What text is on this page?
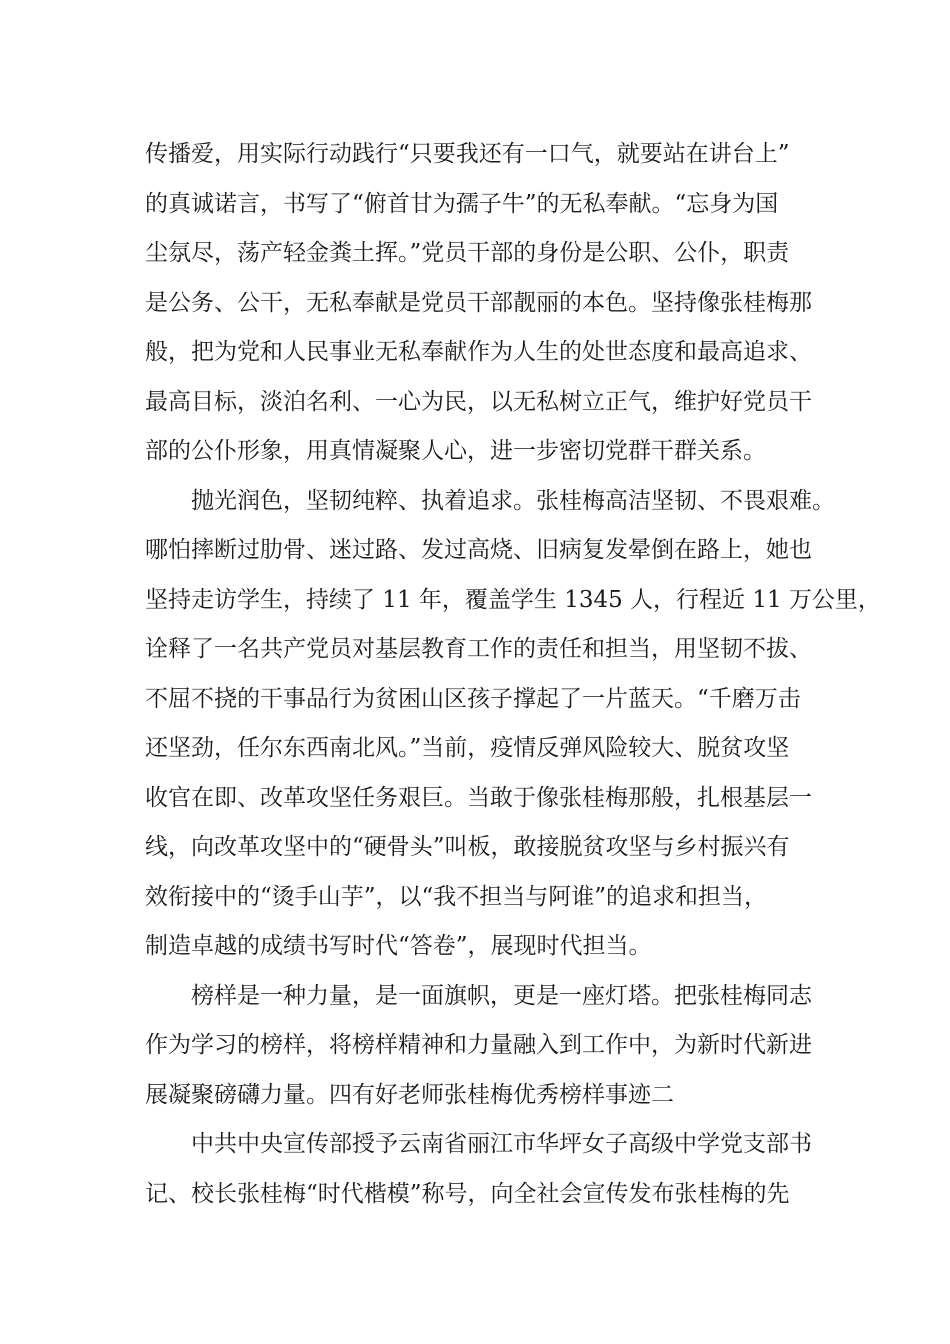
传播爱，用实际行动践行“只要我还有一口气，就要站在讲台上”
的真诚诺言，书写了“俯首甘为孺子牛”的无私奉献。“忘身为国
尘氛尽，荡产轻金粪土挥。”党员干部的身份是公职、公仆，职责
是公务、公干，无私奉献是党员干部靓丽的本色。坚持像张桂梅那
般，把为党和人民事业无私奉献作为人生的处世态度和最高追求、
最高目标，淡泊名利、一心为民，以无私树立正气，维护好党员干
部的公仆形象，用真情凝聚人心，进一步密切党群干群关系。
抛光润色，坚韧纯粹、执着追求。张桂梅高洁坚韧、不畏艰难。
哪怕摔断过肋骨、迷过路、发过高烧、旧病复发晕倒在路上，她也
坚持走访学生，持续了 11 年，覆盖学生 1345 人，行程近 11 万公里，
诠释了一名共产党员对基层教育工作的责任和担当，用坚韧不拔、
不屈不挠的干事品行为贫困山区孩子撑起了一片蓝天。“千磨万击
还坚劲，任尔东西南北风。”当前，疫情反弹风险较大、脱贫攻坚
收官在即、改革攻坚任务艰巨。当敢于像张桂梅那般，扎根基层一
线，向改革攻坚中的“硬骨头”叫板，敢接脱贫攻坚与乡村振兴有
效衔接中的“烫手山芋”，以“我不担当与阿谁”的追求和担当，
制造卓越的成绩书写时代“答卷”，展现时代担当。
榜样是一种力量，是一面旗帜，更是一座灯塔。把张桂梅同志
作为学习的榜样，将榜样精神和力量融入到工作中，为新时代新进
展凝聚磅礴力量。四有好老师张桂梅优秀榜样事迹二
中共中央宣传部授予云南省丽江市华坪女子高级中学党支部书
记、校长张桂梅“时代楷模”称号，向全社会宣传发布张桂梅的先
